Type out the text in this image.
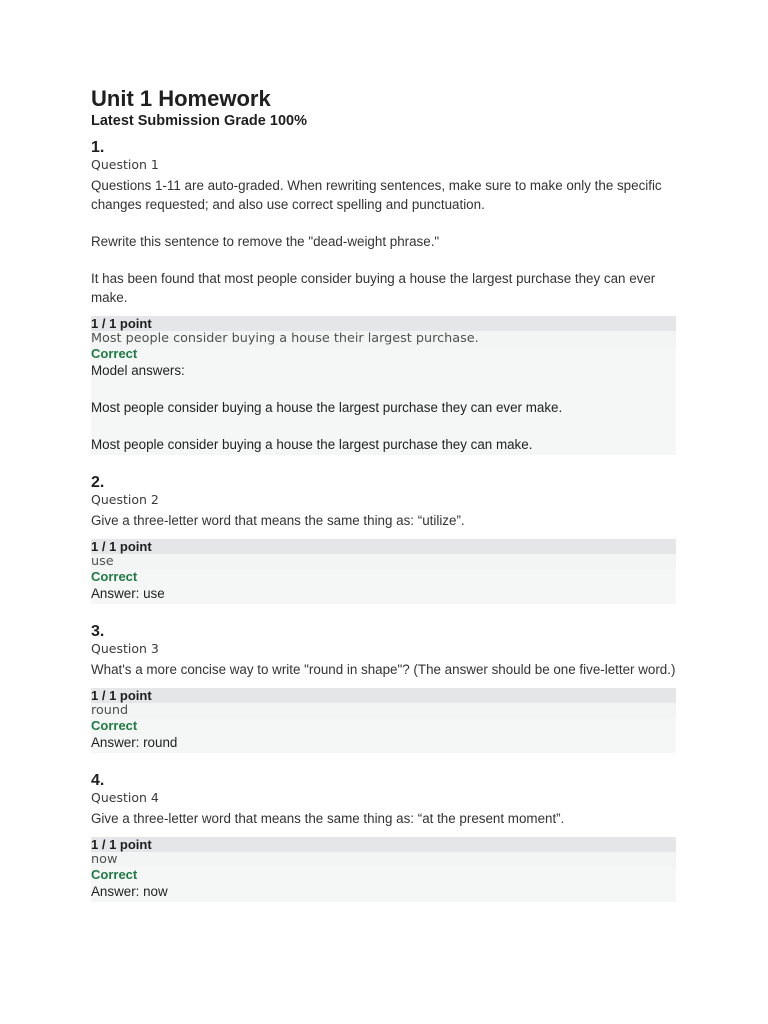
Unit 1 Homework
Latest Submission Grade 100%
1.
Question 1

Questions 1-11 are auto-graded. When rewriting sentences, make sure to make only the specific changes requested; and also use correct spelling and punctuation.

Rewrite this sentence to remove the "dead-weight phrase."

It has been found that most people consider buying a house the largest purchase they can ever make.

1 / 1 point
Most people consider buying a house their largest purchase.
Correct

Model answers:

Most people consider buying a house the largest purchase they can ever make.

Most people consider buying a house the largest purchase they can make.

2.
Question 2

Give a three-letter word that means the same thing as: “utilize”.

1 / 1 point
use
Correct

Answer: use

3.
Question 3

What's a more concise way to write "round in shape"? (The answer should be one five-letter word.)

1 / 1 point
round
Correct

Answer: round

4.
Question 4

Give a three-letter word that means the same thing as: “at the present moment”.

1 / 1 point
now
Correct

Answer: now
